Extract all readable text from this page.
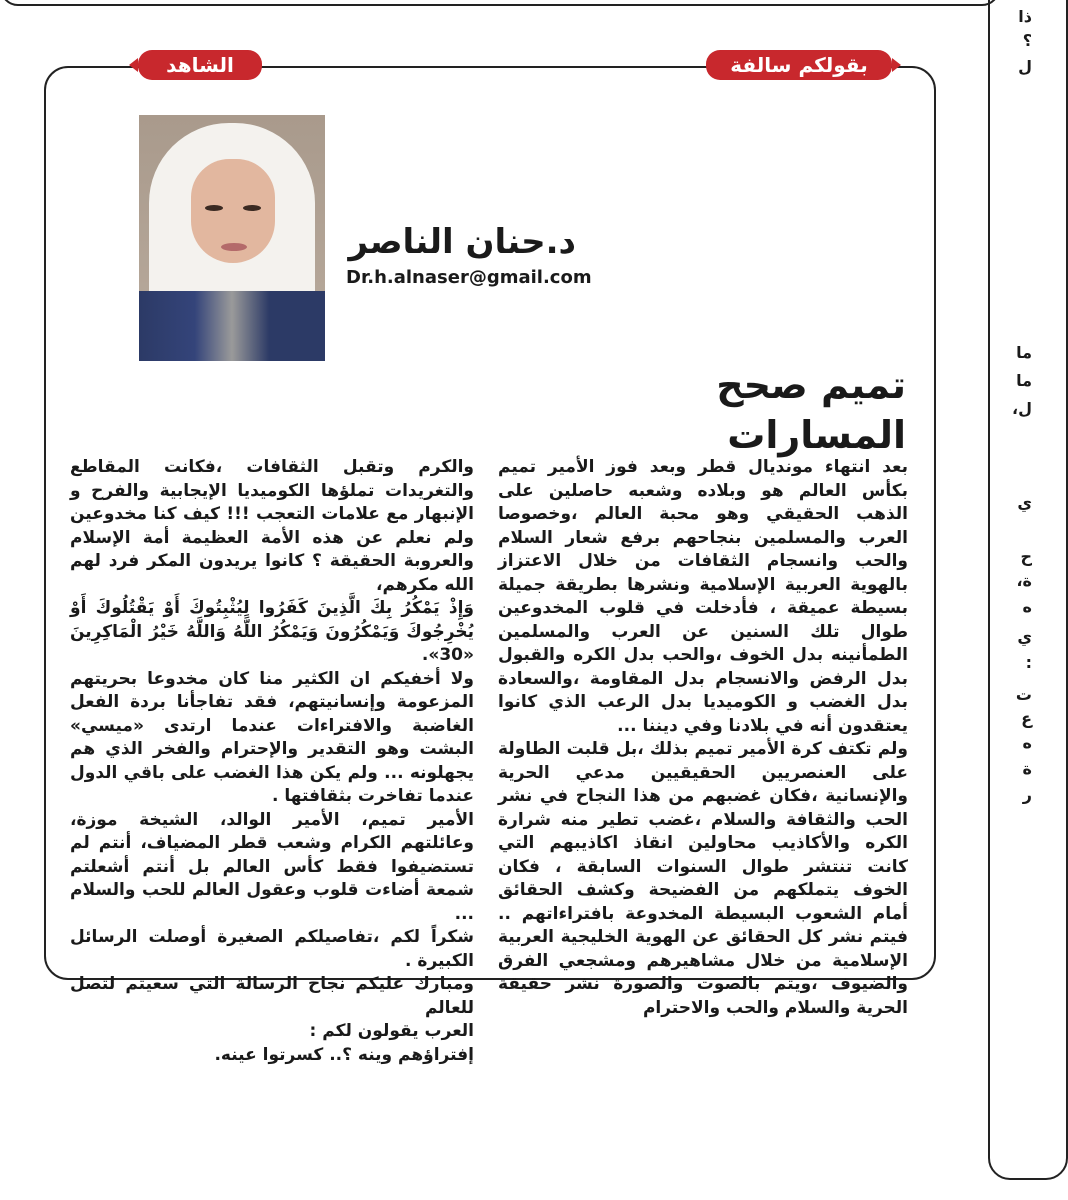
ذا
؟
ل
ما
ما
ل،
ي
ح
ة،
ه
ي
:
ت
ع
ه
ة
ر
بقولكم سالفة
الشاهد
د.حنان الناصر
Dr.h.alnaser@gmail.com
تميم صحح المسارات

بعد انتهاء مونديال قطر وبعد فوز الأمير تميم بكأس العالم هو وبلاده وشعبه حاصلين على الذهب الحقيقي وهو محبة العالم ،وخصوصا العرب والمسلمين بنجاحهم برفع شعار السلام والحب وانسجام الثقافات من خلال الاعتزاز بالهوية العربية الإسلامية ونشرها بطريقة جميلة بسيطة عميقة ، فأدخلت في قلوب المخدوعين طوال تلك السنين عن العرب والمسلمين الطمأنينه بدل الخوف ،والحب بدل الكره والقبول بدل الرفض والانسجام بدل المقاومة ،والسعادة بدل الغضب و الكوميديا بدل الرعب الذي كانوا يعتقدون أنه في بلادنا وفي ديننا ...

ولم تكتف كرة الأمير تميم بذلك ،بل قلبت الطاولة على العنصريين الحقيقيين مدعي الحرية والإنسانية ،فكان غضبهم من هذا النجاح في نشر الحب والثقافة والسلام ،غضب تطير منه شرارة الكره والأكاذيب محاولين انقاذ اكاذيبهم التي كانت تنتشر طوال السنوات السابقة ، فكان الخوف يتملكهم من الفضيحة وكشف الحقائق أمام الشعوب البسيطة المخدوعة بافتراءاتهم .. فيتم نشر كل الحقائق عن الهوية الخليجية العربية الإسلامية من خلال مشاهيرهم ومشجعي الفرق والضيوف ،ويتم بالصوت والصورة نشر حقيقة الحرية والسلام والحب والاحترام

والكرم وتقبل الثقافات ،فكانت المقاطع والتغريدات تملؤها الكوميديا الإيجابية والفرح و الإنبهار مع علامات التعجب !!! كيف كنا مخدوعين ولم نعلم عن هذه الأمة العظيمة أمة الإسلام والعروبة الحقيقة ؟ كانوا يريدون المكر فرد لهم الله مكرهم،

وَإِذْ يَمْكُرُ بِكَ الَّذِينَ كَفَرُوا لِيُثْبِتُوكَ أَوْ يَقْتُلُوكَ أَوْ يُخْرِجُوكَ وَيَمْكُرُونَ وَيَمْكُرُ اللَّهُ وَاللَّهُ خَيْرُ الْمَاكِرِينَ «30».

ولا أخفيكم ان الكثير منا كان مخدوعا بحريتهم المزعومة وإنسانيتهم، فقد تفاجأنا بردة الفعل الغاضبة والافتراءات عندما ارتدى «ميسي» البشت وهو التقدير والإحترام والفخر الذي هم يجهلونه ... ولم يكن هذا الغضب على باقي الدول عندما تفاخرت بثقافتها .

الأمير تميم، الأمير الوالد، الشيخة موزة، وعائلتهم الكرام وشعب قطر المضياف، أنتم لم تستضيفوا فقط كأس العالم بل أنتم أشعلتم شمعة أضاءت قلوب وعقول العالم للحب والسلام ...

شكراً لكم ،تفاصيلكم الصغيرة أوصلت الرسائل الكبيرة .

ومبارك عليكم نجاح الرسالة التي سعيتم لتصل للعالم

العرب يقولون لكم :

إفتراؤهم وينه ؟.. كسرتوا عينه.
